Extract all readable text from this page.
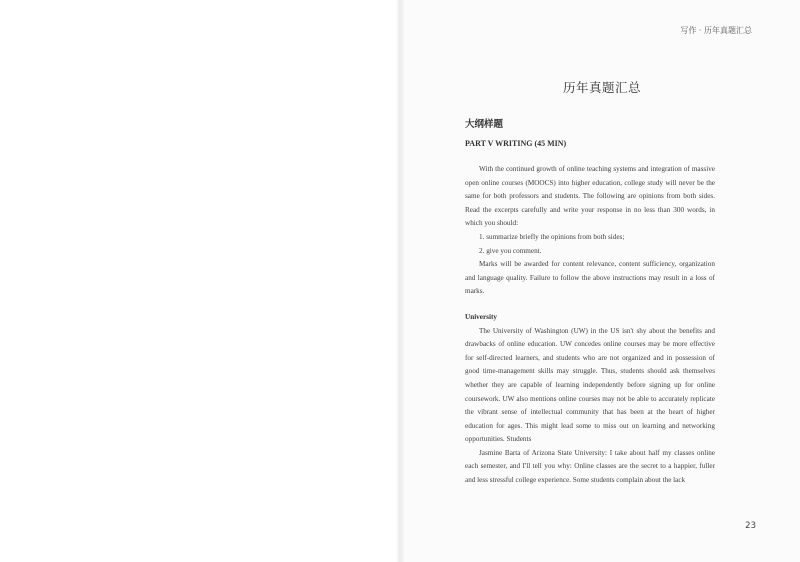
写作 · 历年真题汇总
历年真题汇总
大纲样题
PART V WRITING (45 MIN)

With the continued growth of online teaching systems and integration of massive open online courses (MOOCS) into higher education, college study will never be the same for both professors and students. The following are opinions from both sides. Read the excerpts carefully and write your response in no less than 300 words, in which you should:

1. summarize briefly the opinions from both sides;
2. give you comment.

Marks will be awarded for content relevance, content sufficiency, organization and language quality. Failure to follow the above instructions may result in a loss of marks.

University

The University of Washington (UW) in the US isn't shy about the benefits and drawbacks of online education. UW concedes online courses may be more effective for self-directed learners, and students who are not organized and in possession of good time-management skills may struggle. Thus, students should ask themselves whether they are capable of learning independently before signing up for online coursework. UW also mentions online courses may not be able to accurately replicate the vibrant sense of intellectual community that has been at the heart of higher education for ages. This might lead some to miss out on learning and networking opportunities. Students

Jasmine Barta of Arizona State University: I take about half my classes online each semester, and I'll tell you why: Online classes are the secret to a happier, fuller and less stressful college experience. Some students complain about the lack

23
